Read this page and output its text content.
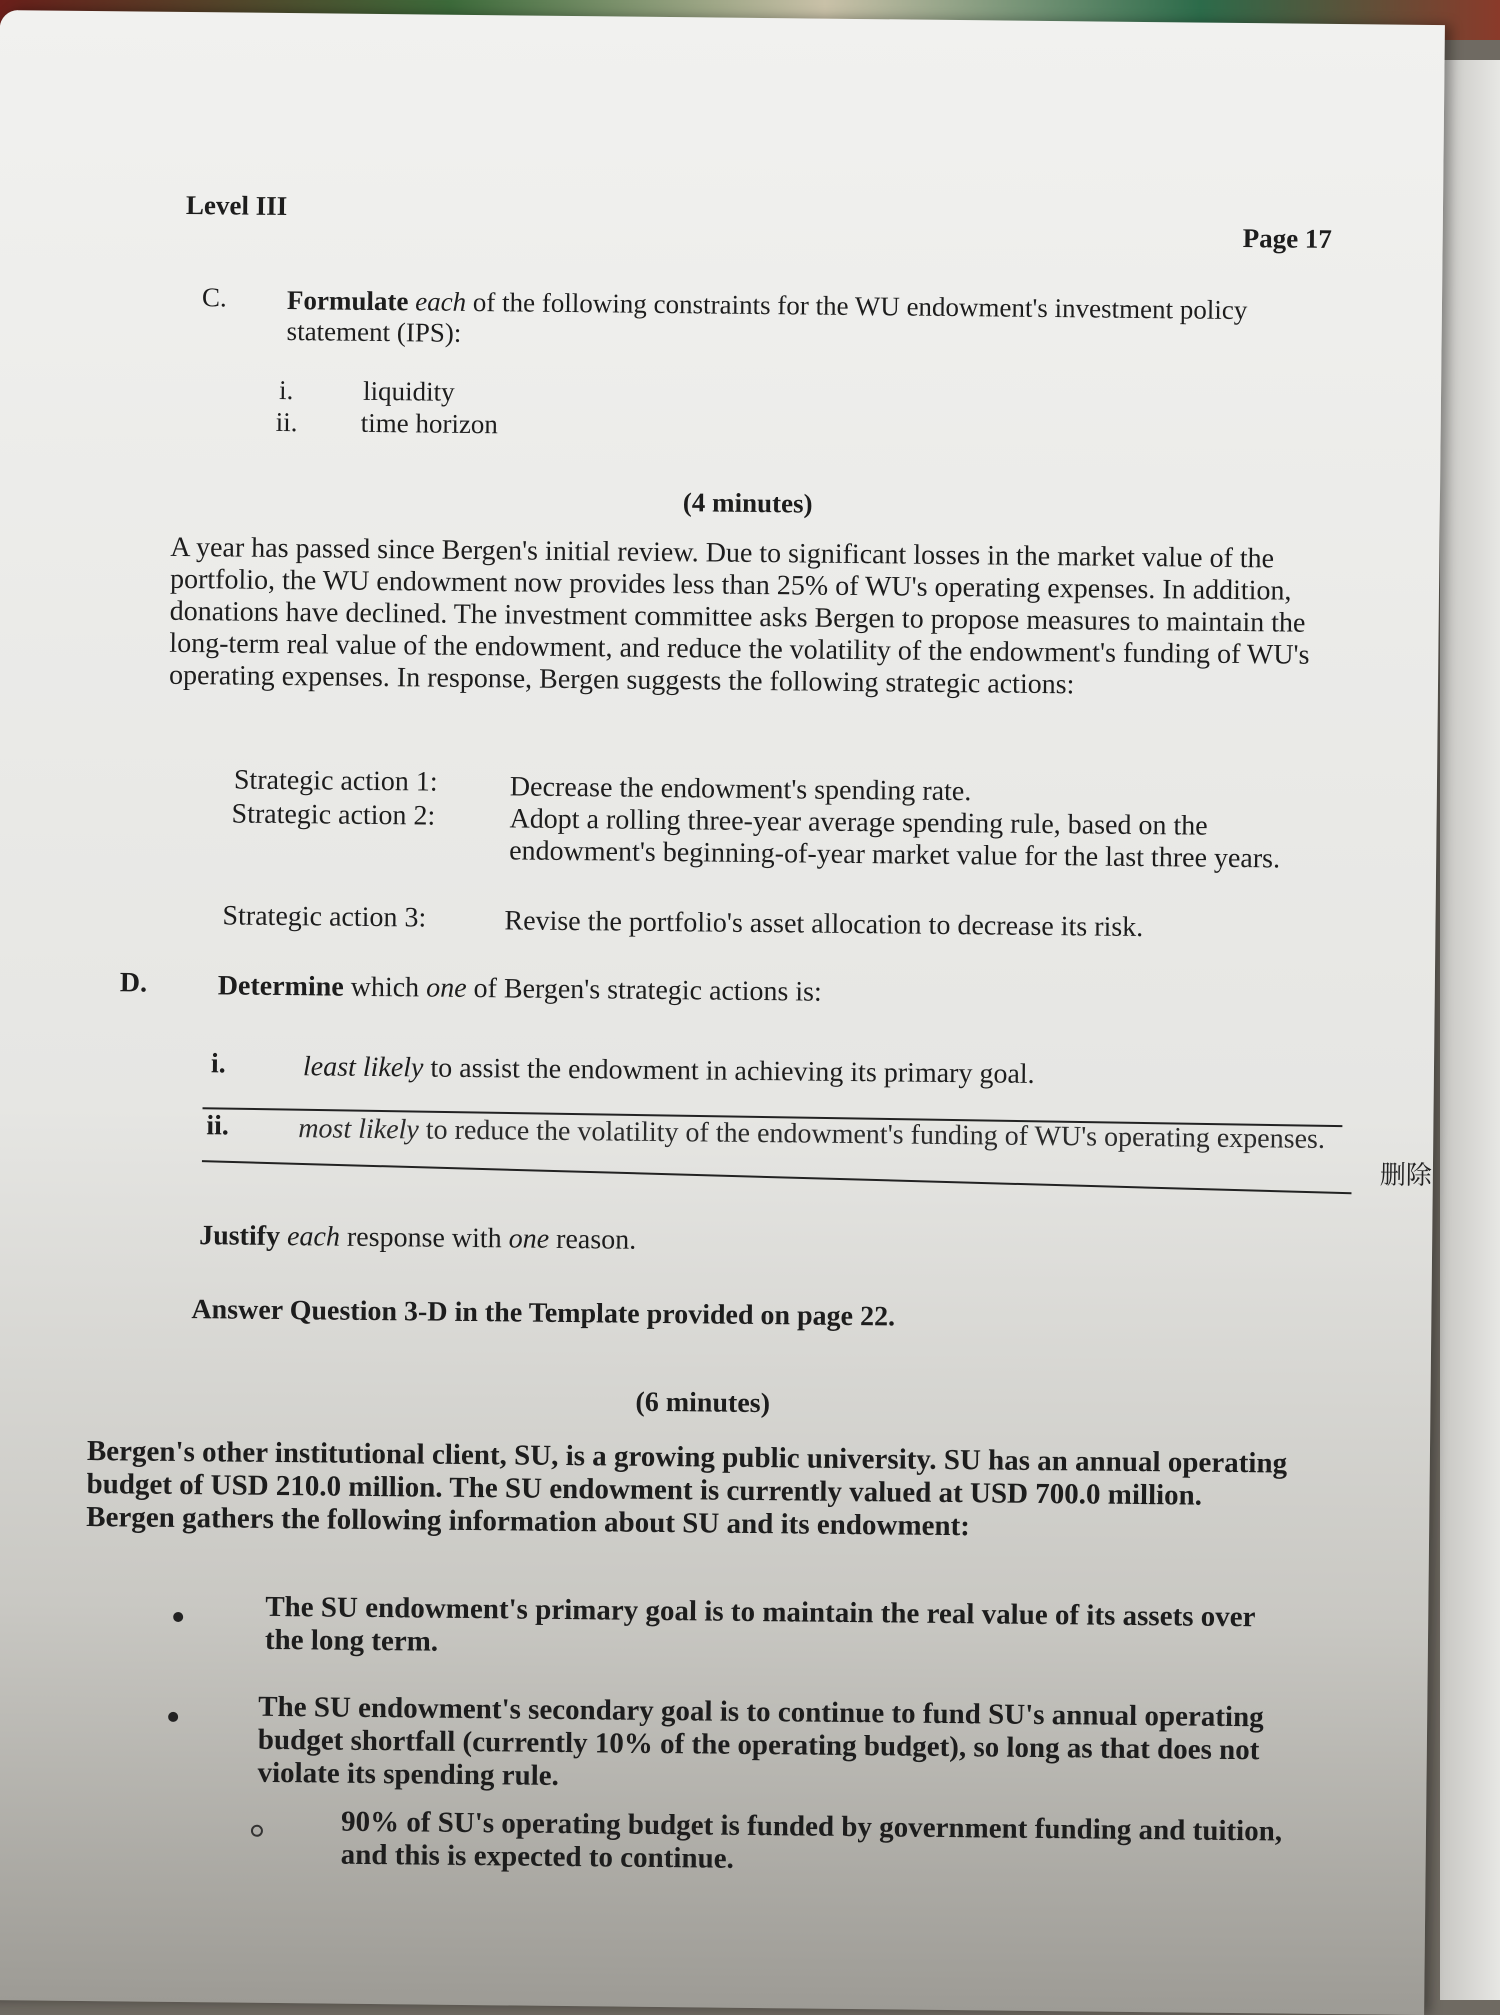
Level III
Page 17
C. Formulate each of the following constraints for the WU endowment's investment policy statement (IPS):
i.	liquidity
ii. time horizon
(4 minutes)
A year has passed since Bergen's initial review. Due to significant losses in the market value of the portfolio, the WU endowment now provides less than 25% of WU's operating expenses. In addition, donations have declined. The investment committee asks Bergen to propose measures to maintain the long-term real value of the endowment, and reduce the volatility of the endowment's funding of WU's operating expenses. In response, Bergen suggests the following strategic actions:
Strategic action 1:	Decrease the endowment's spending rate.
Strategic action 2:	Adopt a rolling three-year average spending rule, based on the endowment's beginning-of-year market value for the last three years.
Strategic action 3:	Revise the portfolio's asset allocation to decrease its risk.
D.	Determine which one of Bergen's strategic actions is:
i.	least likely to assist the endowment in achieving its primary goal.
ii. most likely to reduce the volatility of the endowment's funding of WU's operating expenses.
删除
Justify each response with one reason.
Answer Question 3-D in the Template provided on page 22.
(6 minutes)
Bergen's other institutional client, SU, is a growing public university. SU has an annual operating budget of USD 210.0 million. The SU endowment is currently valued at USD 700.0 million. Bergen gathers the following information about SU and its endowment:
The SU endowment's primary goal is to maintain the real value of its assets over the long term.
The SU endowment's secondary goal is to continue to fund SU's annual operating budget shortfall (currently 10% of the operating budget), so long as that does not violate its spending rule.
90% of SU's operating budget is funded by government funding and tuition, and this is expected to continue.
